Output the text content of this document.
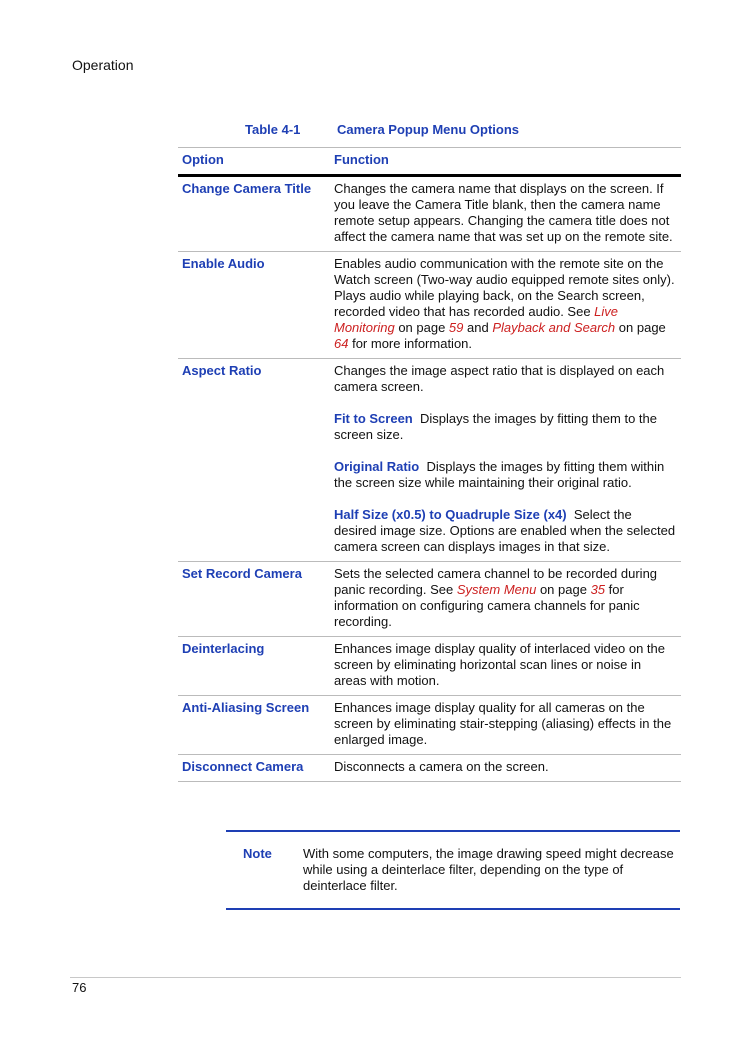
Operation
Table 4-1	Camera Popup Menu Options
Option	Function
Change Camera Title	Changes the camera name that displays on the screen. If you leave the Camera Title blank, then the camera name remote setup appears. Changing the camera title does not affect the camera name that was set up on the remote site.
Enable Audio	Enables audio communication with the remote site on the Watch screen (Two-way audio equipped remote sites only). Plays audio while playing back, on the Search screen, recorded video that has recorded audio. See Live Monitoring on page 59 and Playback and Search on page 64 for more information.
Aspect Ratio	Changes the image aspect ratio that is displayed on each camera screen.
Fit to Screen Displays the images by fitting them to the screen size.
Original Ratio Displays the images by fitting them within the screen size while maintaining their original ratio.
Half Size (x0.5) to Quadruple Size (x4) Select the desired image size. Options are enabled when the selected camera screen can displays images in that size.

Set Record Camera	Sets the selected camera channel to be recorded during panic recording. See System Menu on page 35 for information on configuring camera channels for panic recording.
Deinterlacing	Enhances image display quality of interlaced video on the screen by eliminating horizontal scan lines or noise in areas with motion.
Anti-Aliasing Screen	Enhances image display quality for all cameras on the screen by eliminating stair-stepping (aliasing) effects in the enlarged image.
Disconnect Camera	Disconnects a camera on the screen.
Note With some computers, the image drawing speed might decrease while using a deinterlace filter, depending on the type of deinterlace filter.
76
